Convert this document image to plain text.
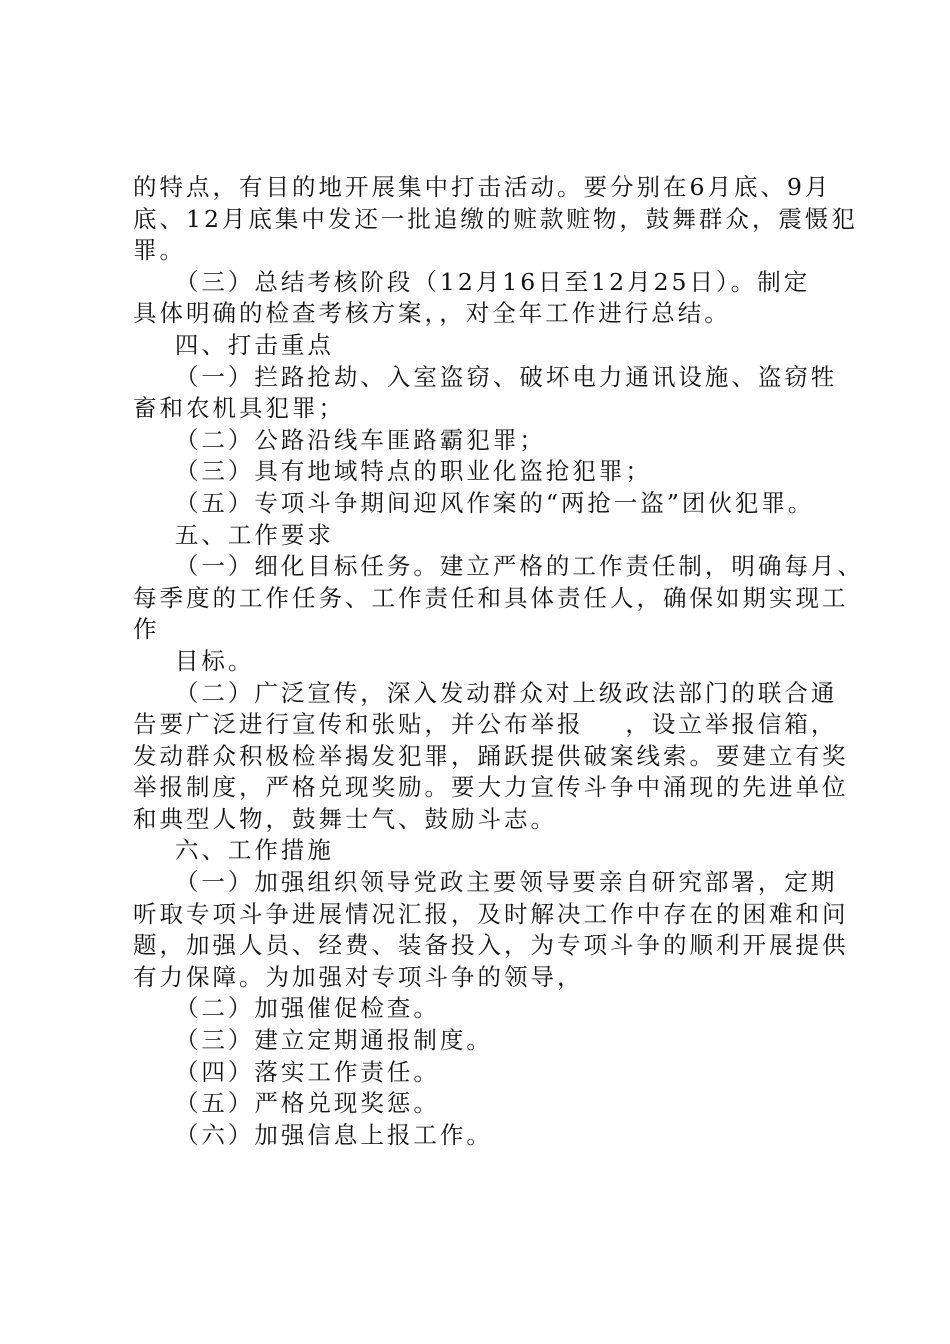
的特点，有目的地开展集中打击活动。要分别在6月底、9月
底、12月底集中发还一批追缴的赃款赃物，鼓舞群众，震慑犯
罪。
（三）总结考核阶段（12月16日至12月25日）。制定
具体明确的检查考核方案，，对全年工作进行总结。
四、打击重点
（一）拦路抢劫、入室盗窃、破坏电力通讯设施、盗窃牲
畜和农机具犯罪；
（二）公路沿线车匪路霸犯罪；
（三）具有地域特点的职业化盗抢犯罪；
（五）专项斗争期间迎风作案的“两抢一盗”团伙犯罪。
五、工作要求
（一）细化目标任务。建立严格的工作责任制，明确每月、
每季度的工作任务、工作责任和具体责任人，确保如期实现工
作
目标。
（二）广泛宣传，深入发动群众对上级政法部门的联合通
告要广泛进行宣传和张贴，并公布举报    ，设立举报信箱，
发动群众积极检举揭发犯罪，踊跃提供破案线索。要建立有奖
举报制度，严格兑现奖励。要大力宣传斗争中涌现的先进单位
和典型人物，鼓舞士气、鼓励斗志。
六、工作措施
（一）加强组织领导党政主要领导要亲自研究部署，定期
听取专项斗争进展情况汇报，及时解决工作中存在的困难和问
题，加强人员、经费、装备投入，为专项斗争的顺利开展提供
有力保障。为加强对专项斗争的领导，
（二）加强催促检查。
（三）建立定期通报制度。
（四）落实工作责任。
（五）严格兑现奖惩。
（六）加强信息上报工作。
